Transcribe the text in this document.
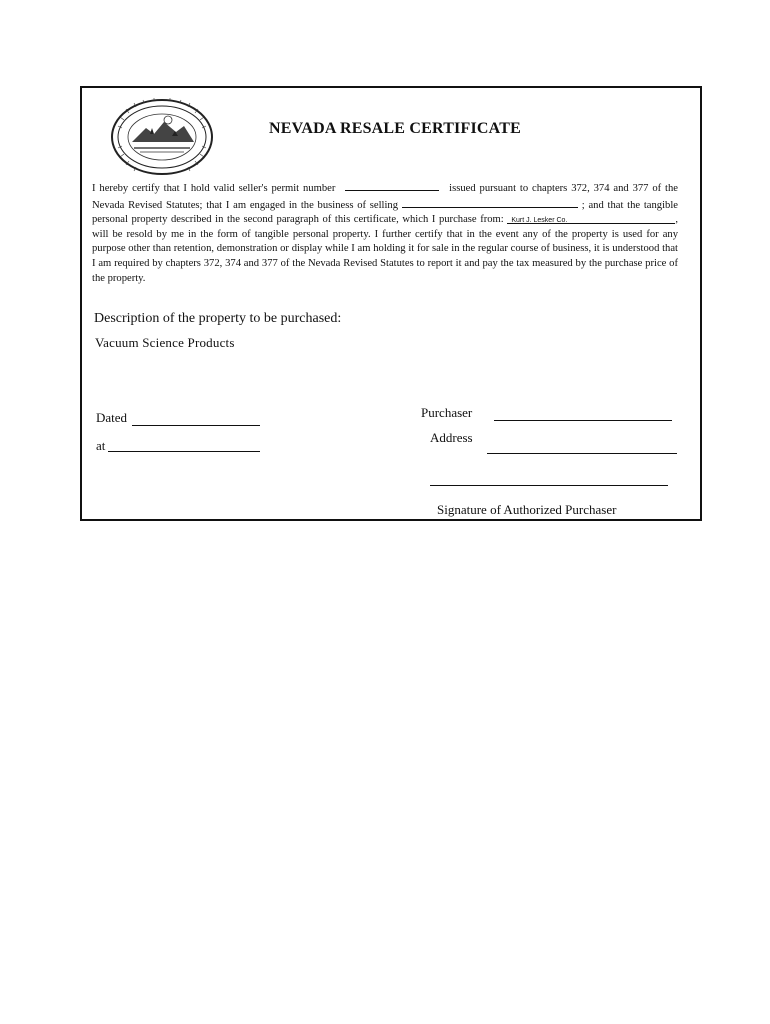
NEVADA RESALE CERTIFICATE
I hereby certify that I hold valid seller's permit number	issued pursuant to chapters 372, 374 and 377 of the Nevada Revised Statutes; that I am engaged in the business of selling	; and that the tangible personal property described in the second paragraph of this certificate, which I purchase from: Kurt J. Lesker Co.	, will be resold by me in the form of tangible personal property. I further certify that in the event any of the property is used for any purpose other than retention, demonstration or display while I am holding it for sale in the regular course of business, it is understood that I am required by chapters 372, 374 and 377 of the Nevada Revised Statutes to report it and pay the tax measured by the purchase price of the property.
Description of the property to be purchased:
Vacuum Science Products
Dated
at
Purchaser
Address
Signature of Authorized Purchaser
